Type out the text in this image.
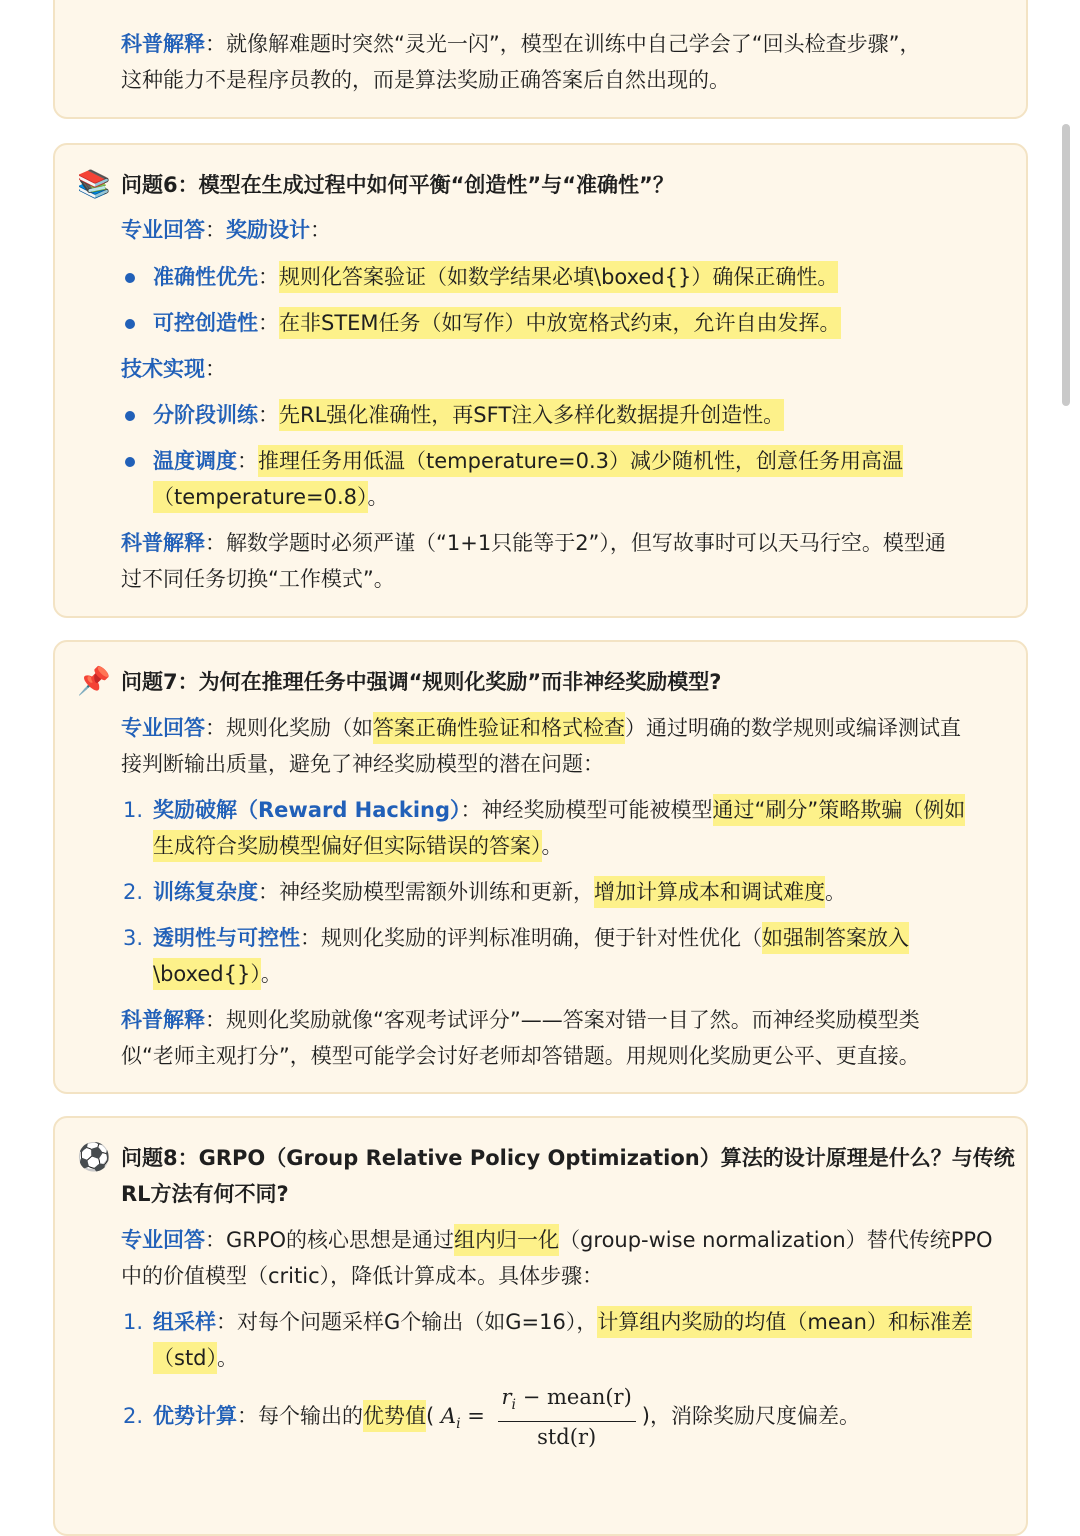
科普解释：就像解难题时突然“灵光一闪”，模型在训练中自己学会了“回头检查步骤”，
这种能力不是程序员教的，而是算法奖励正确答案后自然出现的。
📚 问题6：模型在生成过程中如何平衡“创造性”与“准确性”？
专业回答：奖励设计：
准确性优先：规则化答案验证（如数学结果必填\boxed{}）确保正确性。
可控创造性：在非STEM任务（如写作）中放宽格式约束，允许自由发挥。
技术实现：
分阶段训练：先RL强化准确性，再SFT注入多样化数据提升创造性。
温度调度：推理任务用低温（temperature=0.3）减少随机性，创意任务用高温
（temperature=0.8）。
科普解释：解数学题时必须严谨（“1+1只能等于2”），但写故事时可以天马行空。模型通
过不同任务切换“工作模式”。
📌 问题7：为何在推理任务中强调“规则化奖励”而非神经奖励模型?
专业回答：规则化奖励（如答案正确性验证和格式检查）通过明确的数学规则或编译测试直
接判断输出质量，避免了神经奖励模型的潜在问题：
1. 奖励破解（Reward Hacking）：神经奖励模型可能被模型通过“刷分”策略欺骗（例如
生成符合奖励模型偏好但实际错误的答案）。
2. 训练复杂度：神经奖励模型需额外训练和更新，增加计算成本和调试难度。
3. 透明性与可控性：规则化奖励的评判标准明确，便于针对性优化（如强制答案放入
\boxed{}）。
科普解释：规则化奖励就像“客观考试评分”——答案对错一目了然。而神经奖励模型类
似“老师主观打分”，模型可能学会讨好老师却答错题。用规则化奖励更公平、更直接。
⚽ 问题8：GRPO（Group Relative Policy Optimization）算法的设计原理是什么？与传统
RL方法有何不同?
专业回答：GRPO的核心思想是通过组内归一化（group-wise normalization）替代传统PPO
中的价值模型（critic），降低计算成本。具体步骤：
1. 组采样：对每个问题采样G个输出（如G=16），计算组内奖励的均值（mean）和标准差
（std）。
2. 优势计算：每个输出的优势值( $A_i = \frac{r_i - mean(r)}{\text{std(r)}}$ )，消除奖励尺度偏差。
